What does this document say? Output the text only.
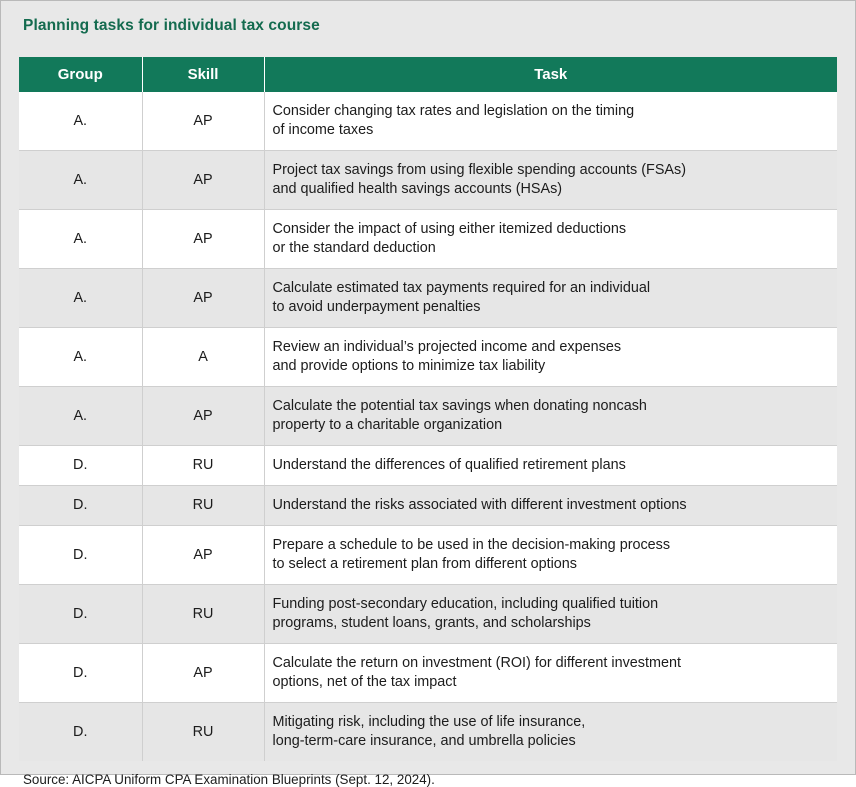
Planning tasks for individual tax course
Group	Skill	Task
A.	AP	Consider changing tax rates and legislation on the timing
of income taxes

A.	AP	Project tax savings from using flexible spending accounts (FSAs)
and qualified health savings accounts (HSAs)

A.	AP	Consider the impact of using either itemized deductions
or the standard deduction

A.	AP	Calculate estimated tax payments required for an individual
to avoid underpayment penalties

A.	A	Review an individual’s projected income and expenses
and provide options to minimize tax liability

A.	AP	Calculate the potential tax savings when donating noncash
property to a charitable organization

D.	RU	Understand the differences of qualified retirement plans

D.	RU	Understand the risks associated with different investment options

D.	AP	Prepare a schedule to be used in the decision-making process
to select a retirement plan from different options

D.	RU	Funding post-secondary education, including qualified tuition
programs, student loans, grants, and scholarships

D.	AP	Calculate the return on investment (ROI) for different investment
options, net of the tax impact

D.	RU	Mitigating risk, including the use of life insurance,
long-term-care insurance, and umbrella policies
Source: AICPA Uniform CPA Examination Blueprints (Sept. 12, 2024).
